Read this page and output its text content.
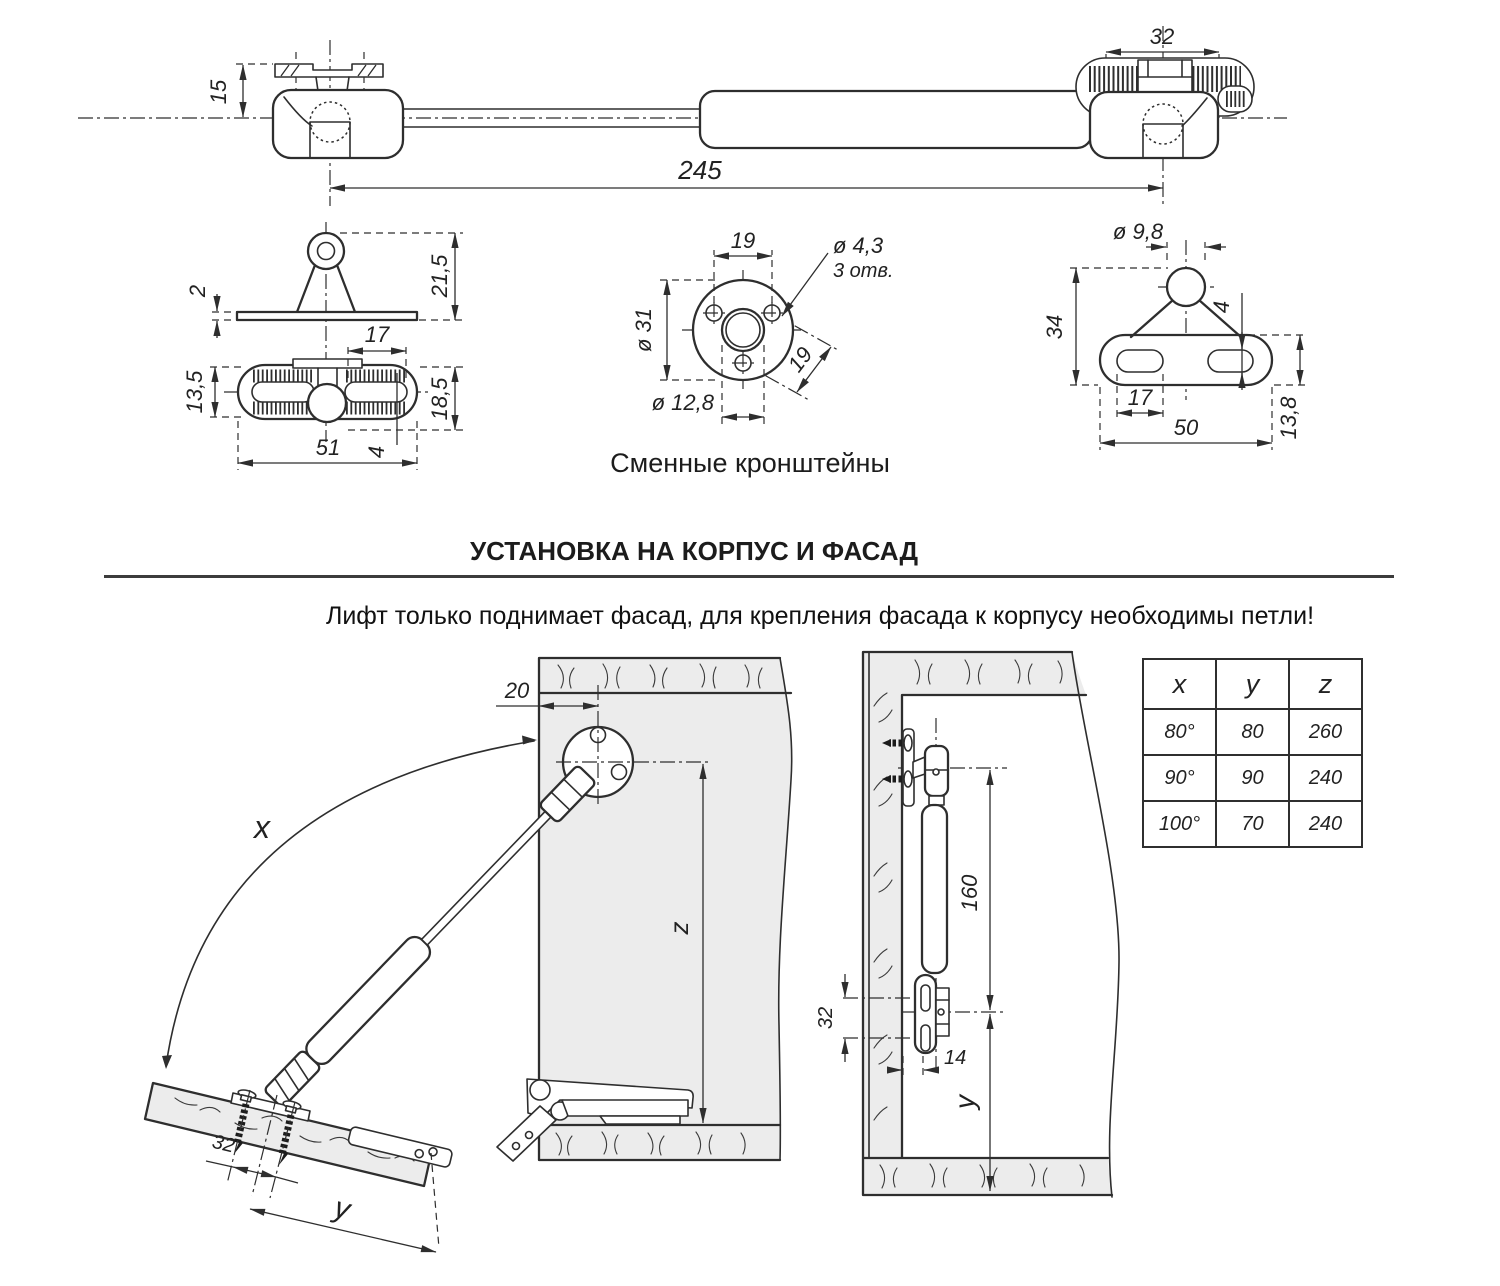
15
32
245
2	21,5
17
13,5	18,5
51 4
19	ø 4,3
3 отв.
ø 31
19
ø 12,8
Сменные кронштейны
ø 9,8
34
4
17
50	13,8
УСТАНОВКА НА КОРПУС И ФАСАД
Лифт только поднимает фасад, для крепления фасада к корпусу необходимы петли!
20
x
z
32
y
160
y
32
14
x	y	z
80°	80	260
90°	90	240
100°	70	240
